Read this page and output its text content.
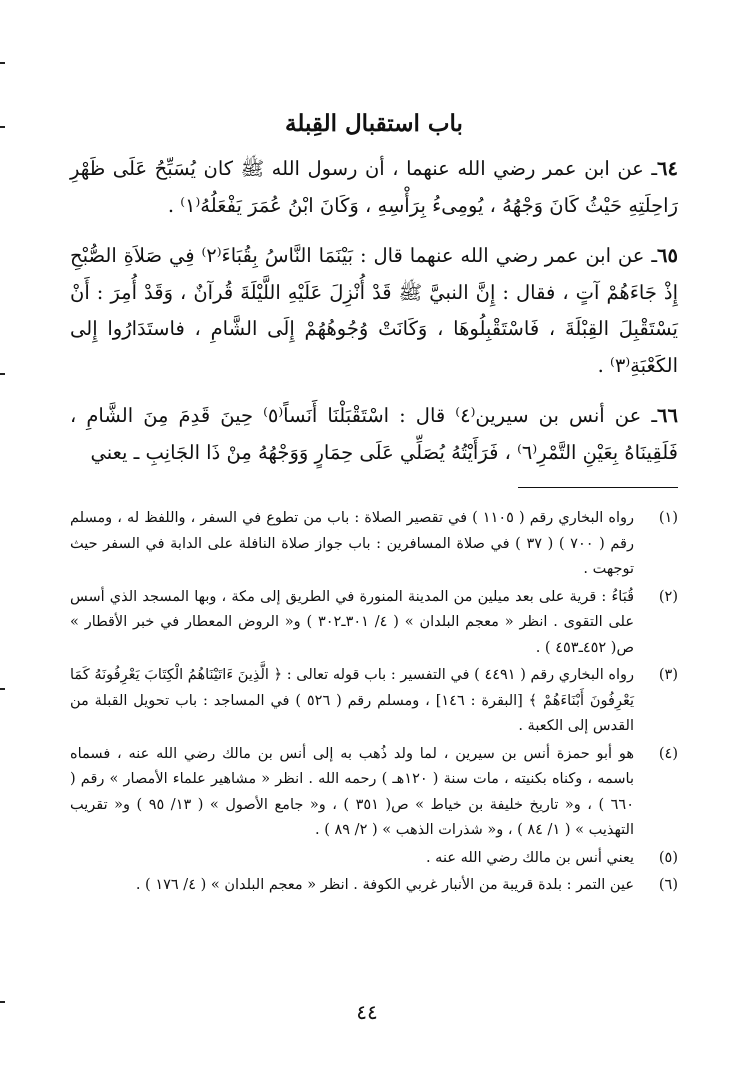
باب استقبال القِبلة

٦٤ـ عن ابن عمر رضي الله عنهما ، أن رسول الله ﷺ كان يُسَبِّحُ عَلَى ظَهْرِ رَاحِلَتِهِ حَيْثُ كَانَ وَجْهُهُ ، يُومِىءُ بِرَأْسِهِ ، وَكَانَ ابْنُ عُمَرَ يَفْعَلُهُ⁽١⁾ .

٦٥ـ عن ابن عمر رضي الله عنهما قال : بَيْنَمَا النَّاسُ بِقُبَاءَ⁽٢⁾ فِي صَلاَةِ الصُّبْحِ إِذْ جَاءَهُمْ آتٍ ، فقال : إِنَّ النبيَّ ﷺ قَدْ أُنْزِلَ عَلَيْهِ اللَّيْلَةَ قُرآنٌ ، وَقَدْ أُمِرَ : أَنْ يَسْتَقْبِلَ القِبْلَةَ ، فَاسْتَقْبِلُوهَا ، وَكَانَتْ وُجُوهُهُمْ إِلَى الشَّامِ ، فاستَدَارُوا إِلى الكَعْبَةِ⁽٣⁾ .

٦٦ـ عن أنس بن سيرين⁽٤⁾ قال : اسْتَقْبَلْنَا أَنَساً⁽٥⁾ حِينَ قَدِمَ مِنَ الشَّامِ ، فَلَقِينَاهُ بِعَيْنِ التَّمْرِ⁽٦⁾ ، فَرَأَيْتُهُ يُصَلِّي عَلَى حِمَارٍ وَوَجْهُهُ مِنْ ذَا الجَانِبِ ـ يعني

(١)
رواه البخاري رقم ( ١١٠٥ ) في تقصير الصلاة : باب من تطوع في السفر ، واللفظ له ، ومسلم رقم ( ٧٠٠ ) ( ٣٧ ) في صلاة المسافرين : باب جواز صلاة النافلة على الدابة في السفر حيث توجهت .
(٢)
قُبَاءُ : قرية على بعد ميلين من المدينة المنورة في الطريق إلى مكة ، وبها المسجد الذي أسس على التقوى . انظر « معجم البلدان » ( ٤/ ٣٠١ـ٣٠٢ ) و« الروض المعطار في خبر الأقطار » ص( ٤٥٢ـ٤٥٣ ) .
(٣)
رواه البخاري رقم ( ٤٤٩١ ) في التفسير : باب قوله تعالى : ﴿ الَّذِينَ ءَاتَيْنَاهُمُ الْكِتَابَ يَعْرِفُونَهُ كَمَا يَعْرِفُونَ أَبْنَاءَهُمْ ﴾ [البقرة : ١٤٦] ، ومسلم رقم ( ٥٢٦ ) في المساجد : باب تحويل القبلة من القدس إلى الكعبة .
(٤)
هو أبو حمزة أنس بن سيرين ، لما ولد ذُهب به إلى أنس بن مالك رضي الله عنه ، فسماه باسمه ، وكناه بكنيته ، مات سنة ( ١٢٠هـ ) رحمه الله . انظر « مشاهير علماء الأمصار » رقم ( ٦٦٠ ) ، و« تاريخ خليفة بن خياط » ص( ٣٥١ ) ، و« جامع الأصول » ( ١٣/ ٩٥ ) و« تقريب التهذيب » ( ١/ ٨٤ ) ، و« شذرات الذهب » ( ٢/ ٨٩ ) .
(٥)
يعني أنس بن مالك رضي الله عنه .
(٦)
عين التمر : بلدة قريبة من الأنبار غربي الكوفة . انظر « معجم البلدان » ( ٤/ ١٧٦ ) .
٤٤
